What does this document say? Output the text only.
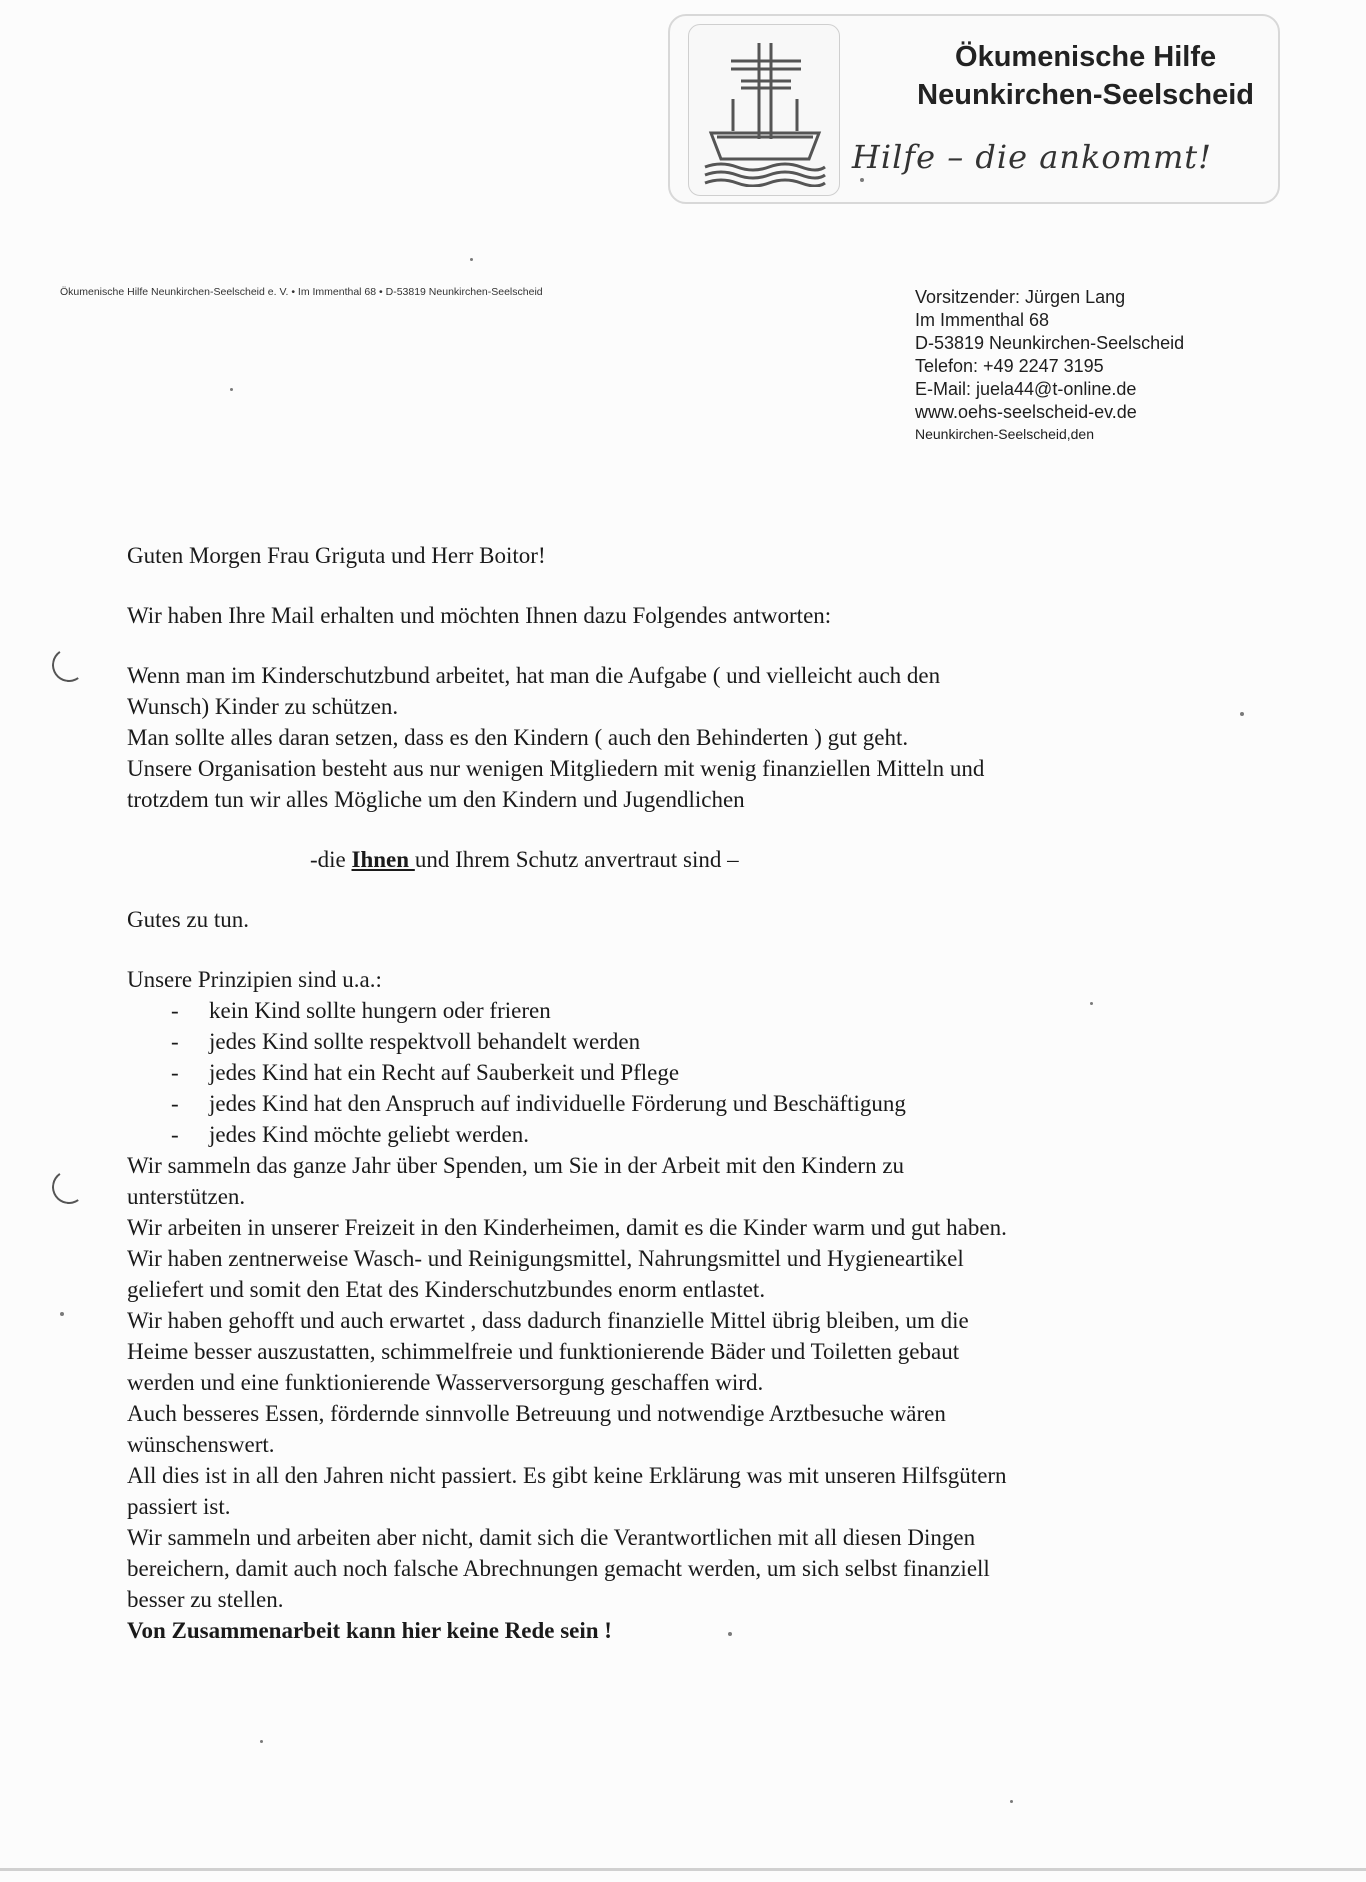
Ökumenische Hilfe
Neunkirchen-Seelscheid
Hilfe – die ankommt!
Ökumenische Hilfe Neunkirchen-Seelscheid e. V. • Im Immenthal 68 • D-53819 Neunkirchen-Seelscheid	Vorsitzender: Jürgen Lang
Im Immenthal 68
D-53819 Neunkirchen-Seelscheid
Telefon: +49 2247 3195
E-Mail: juela44@t-online.de
www.oehs-seelscheid-ev.de
Neunkirchen-Seelscheid,den

Guten Morgen Frau Griguta und Herr Boitor!

Wir haben Ihre Mail erhalten und möchten Ihnen dazu Folgendes antworten:

Wenn man im Kinderschutzbund arbeitet, hat man die Aufgabe ( und vielleicht auch den
Wunsch) Kinder zu schützen.
Man sollte alles daran setzen, dass es den Kindern ( auch den Behinderten ) gut geht.
Unsere Organisation besteht aus nur wenigen Mitgliedern mit wenig finanziellen Mitteln und
trotzdem tun wir alles Mögliche um den Kindern und Jugendlichen

-die Ihnen und Ihrem Schutz anvertraut sind –

Gutes zu tun.

Unsere Prinzipien sind u.a.:

- kein Kind sollte hungern oder frieren
- jedes Kind sollte respektvoll behandelt werden
- jedes Kind hat ein Recht auf Sauberkeit und Pflege
- jedes Kind hat den Anspruch auf individuelle Förderung und Beschäftigung
- jedes Kind möchte geliebt werden.

Wir sammeln das ganze Jahr über Spenden, um Sie in der Arbeit mit den Kindern zu
unterstützen.
Wir arbeiten in unserer Freizeit in den Kinderheimen, damit es die Kinder warm und gut haben.
Wir haben zentnerweise Wasch- und Reinigungsmittel, Nahrungsmittel und Hygieneartikel
geliefert und somit den Etat des Kinderschutzbundes enorm entlastet.
Wir haben gehofft und auch erwartet , dass dadurch finanzielle Mittel übrig bleiben, um die
Heime besser auszustatten, schimmelfreie und funktionierende Bäder und Toiletten gebaut
werden und eine funktionierende Wasserversorgung geschaffen wird.
Auch besseres Essen, fördernde sinnvolle Betreuung und notwendige Arztbesuche wären
wünschenswert.
All dies ist in all den Jahren nicht passiert. Es gibt keine Erklärung was mit unseren Hilfsgütern
passiert ist.
Wir sammeln und arbeiten aber nicht, damit sich die Verantwortlichen mit all diesen Dingen
bereichern, damit auch noch falsche Abrechnungen gemacht werden, um sich selbst finanziell
besser zu stellen.

Von Zusammenarbeit kann hier keine Rede sein !
